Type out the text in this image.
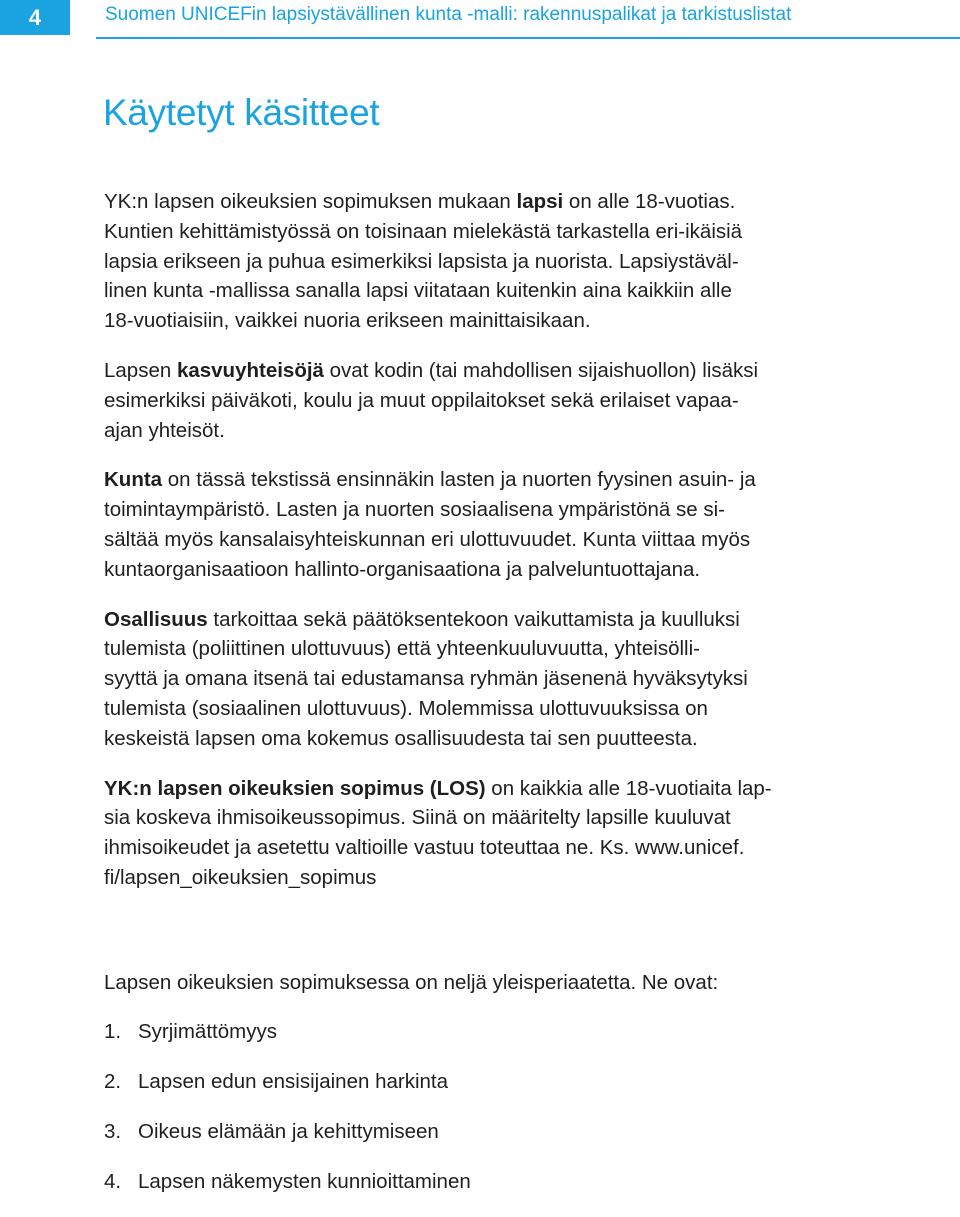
4	Suomen UNICEFin lapsiystävällinen kunta -malli: rakennuspalikat ja tarkistuslistat
Käytetyt käsitteet
YK:n lapsen oikeuksien sopimuksen mukaan lapsi on alle 18-vuotias.
Kuntien kehittämistyössä on toisinaan mielekästä tarkastella eri-ikäisiä
lapsia erikseen ja puhua esimerkiksi lapsista ja nuorista. Lapsiystäväl-
linen kunta -mallissa sanalla lapsi viitataan kuitenkin aina kaikkiin alle
18-vuotiaisiin, vaikkei nuoria erikseen mainittaisikaan.
Lapsen kasvuyhteisöjä ovat kodin (tai mahdollisen sijaishuollon) lisäksi
esimerkiksi päiväkoti, koulu ja muut oppilaitokset sekä erilaiset vapaa-
ajan yhteisöt.
Kunta on tässä tekstissä ensinnäkin lasten ja nuorten fyysinen asuin- ja
toimintaympäristö. Lasten ja nuorten sosiaalisena ympäristönä se si-
sältää myös kansalaisyhteiskunnan eri ulottuvuudet. Kunta viittaa myös
kuntaorganisaatioon hallinto-organisaationa ja palveluntuottajana.
Osallisuus tarkoittaa sekä päätöksentekoon vaikuttamista ja kuulluksi
tulemista (poliittinen ulottuvuus) että yhteenkuuluvuutta, yhteisölli-
syyttä ja omana itsenä tai edustamansa ryhmän jäsenenä hyväksytyksi
tulemista (sosiaalinen ulottuvuus). Molemmissa ulottuvuuksissa on
keskeistä lapsen oma kokemus osallisuudesta tai sen puutteesta.
YK:n lapsen oikeuksien sopimus (LOS) on kaikkia alle 18-vuotiaita lap-
sia koskeva ihmisoikeussopimus. Siinä on määritelty lapsille kuuluvat
ihmisoikeudet ja asetettu valtioille vastuu toteuttaa ne. Ks. www.unicef.
fi/lapsen_oikeuksien_sopimus
Lapsen oikeuksien sopimuksessa on neljä yleisperiaatetta. Ne ovat:
1. Syrjimättömyys
2. Lapsen edun ensisijainen harkinta
3. Oikeus elämään ja kehittymiseen
4. Lapsen näkemysten kunnioittaminen
